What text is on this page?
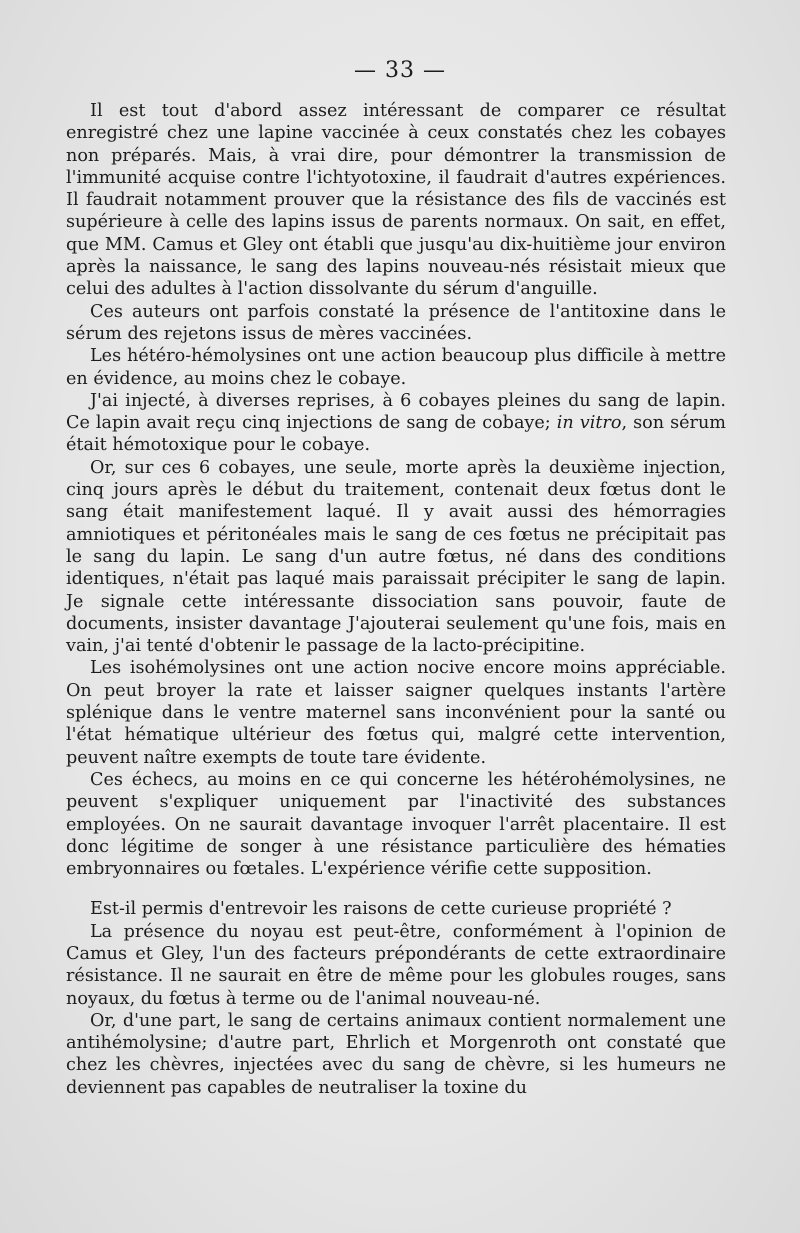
— 33 —

Il est tout d'abord assez intéressant de comparer ce résultat enregistré chez une lapine vaccinée à ceux constatés chez les cobayes non préparés. Mais, à vrai dire, pour démontrer la transmission de l'immunité acquise contre l'ichtyotoxine, il faudrait d'autres expériences. Il faudrait notamment prouver que la résistance des fils de vaccinés est supérieure à celle des lapins issus de parents normaux. On sait, en effet, que MM. Camus et Gley ont établi que jusqu'au dix-huitième jour environ après la naissance, le sang des lapins nouveau-nés résistait mieux que celui des adultes à l'action dissolvante du sérum d'anguille.

Ces auteurs ont parfois constaté la présence de l'antitoxine dans le sérum des rejetons issus de mères vaccinées.

Les hétéro-hémolysines ont une action beaucoup plus difficile à mettre en évidence, au moins chez le cobaye.

J'ai injecté, à diverses reprises, à 6 cobayes pleines du sang de lapin. Ce lapin avait reçu cinq injections de sang de cobaye; in vitro, son sérum était hémotoxique pour le cobaye.

Or, sur ces 6 cobayes, une seule, morte après la deuxième injection, cinq jours après le début du traitement, contenait deux fœtus dont le sang était manifestement laqué. Il y avait aussi des hémorragies amniotiques et péritonéales mais le sang de ces fœtus ne précipitait pas le sang du lapin. Le sang d'un autre fœtus, né dans des conditions identiques, n'était pas laqué mais paraissait précipiter le sang de lapin. Je signale cette intéressante dissociation sans pouvoir, faute de documents, insister davantage J'ajouterai seulement qu'une fois, mais en vain, j'ai tenté d'obtenir le passage de la lacto-précipitine.

Les isohémolysines ont une action nocive encore moins appréciable. On peut broyer la rate et laisser saigner quelques instants l'artère splénique dans le ventre maternel sans inconvénient pour la santé ou l'état hématique ultérieur des fœtus qui, malgré cette intervention, peuvent naître exempts de toute tare évidente.

Ces échecs, au moins en ce qui concerne les hétérohémolysines, ne peuvent s'expliquer uniquement par l'inactivité des substances employées. On ne saurait davantage invoquer l'arrêt placentaire. Il est donc légitime de songer à une résistance particulière des hématies embryonnaires ou fœtales. L'expérience vérifie cette supposition.

Est-il permis d'entrevoir les raisons de cette curieuse propriété ?

La présence du noyau est peut-être, conformément à l'opinion de Camus et Gley, l'un des facteurs prépondérants de cette extraordinaire résistance. Il ne saurait en être de même pour les globules rouges, sans noyaux, du fœtus à terme ou de l'animal nouveau-né.

Or, d'une part, le sang de certains animaux contient normalement une antihémolysine; d'autre part, Ehrlich et Morgenroth ont constaté que chez les chèvres, injectées avec du sang de chèvre, si les humeurs ne deviennent pas capables de neutraliser la toxine du
